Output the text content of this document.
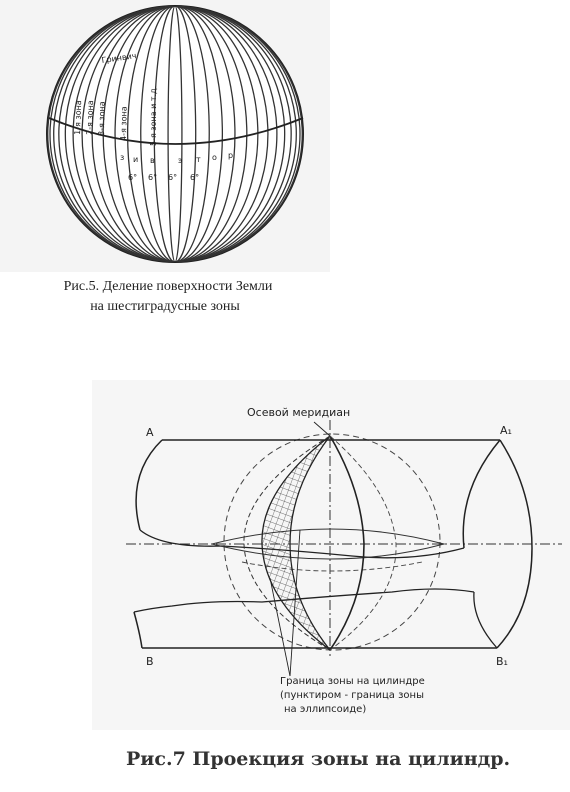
Гринвич
1-я зона 2-я зона 3-я зона 4-я зона	5-я зона и т.д.
з и в	э т о р
6° 6° 6° 6°
Рис.5. Деление поверхности Земли
на шестиградусные зоны
Осевой меридиан
A	A₁
B	B₁
Граница зоны на цилиндре
(пунктиром - граница зоны
на эллипсоиде)
Рис.7 Проекция зоны на цилиндр.
